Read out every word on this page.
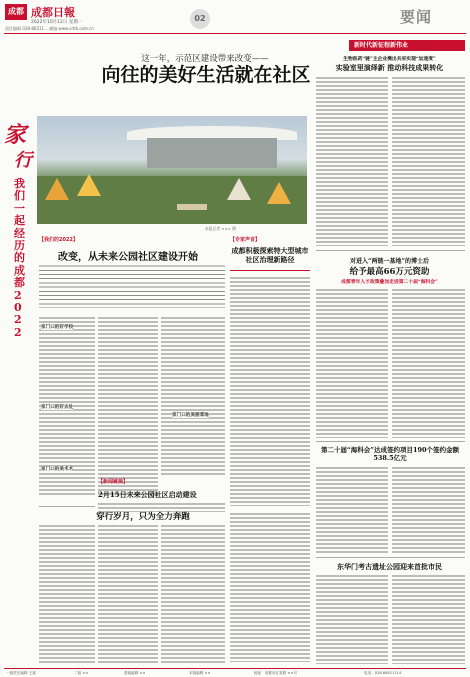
成都 成都日報
2022年10月12日 星期一
责任编辑 028-86511... 邮编 www.cdrb.com.cn
02	要闻
这一年，示范区建设带来改变——
向往的美好生活就在社区
家
行
我们一起经历的成都2022
本报记者 ××× 摄
【我们的2022】
改变，从未来公园社区建设开始
家门口的好学校
家门口的好去处
家门口的美术术
家门口的美丽菜地
【专家声音】
成都积极探索特大型城市社区治理新路径
【新闻链接】
2月15日未来公园社区启动建设
穿行岁月，只为全力奔跑
新时代新征程新伟业
生物医药“链”主企业携出共采实现“加速度”
实验室里演绎新 推动科技成果转化
对进入“两链一基地”的博士后
给予最高66万元资助
成都青年人才政策叠加走进第二十届“海科会”
第二十届“海科会”达成签约项目190个签约金额538.5亿元
东华门考古遗址公园迎来首批市民
一版责任编辑 王斌	二版 ××	要闻编辑 ××	本版编辑 ××	地址：成都市红星路 ××号	电话：028-86511114
